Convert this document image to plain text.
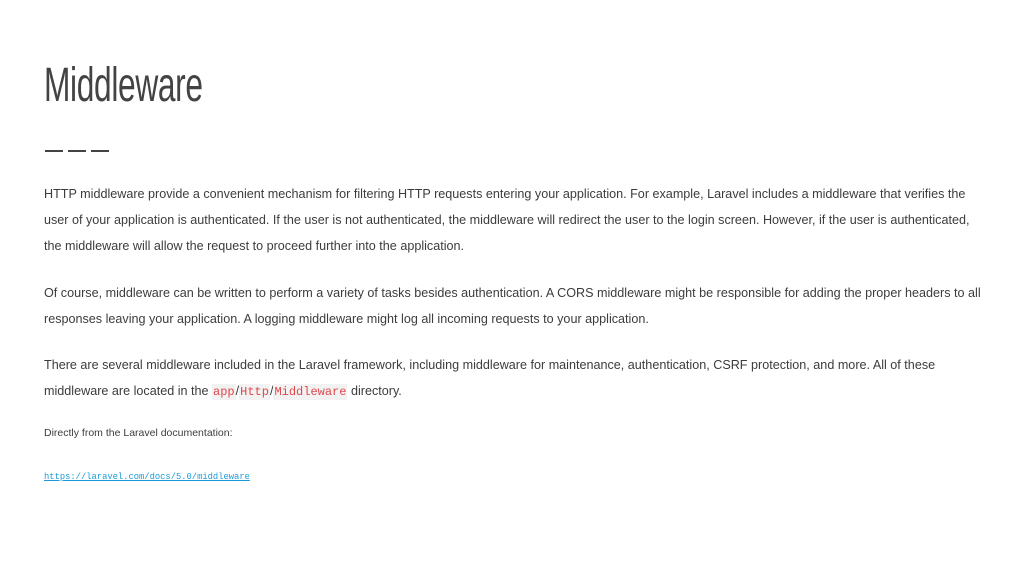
Middleware

HTTP middleware provide a convenient mechanism for filtering HTTP requests entering your application. For example, Laravel includes a middleware that verifies the user of your application is authenticated. If the user is not authenticated, the middleware will redirect the user to the login screen. However, if the user is authenticated, the middleware will allow the request to proceed further into the application.

Of course, middleware can be written to perform a variety of tasks besides authentication. A CORS middleware might be responsible for adding the proper headers to all responses leaving your application. A logging middleware might log all incoming requests to your application.

There are several middleware included in the Laravel framework, including middleware for maintenance, authentication, CSRF protection, and more. All of these middleware are located in the app/Http/Middleware directory.

Directly from the Laravel documentation:

https://laravel.com/docs/5.0/middleware
